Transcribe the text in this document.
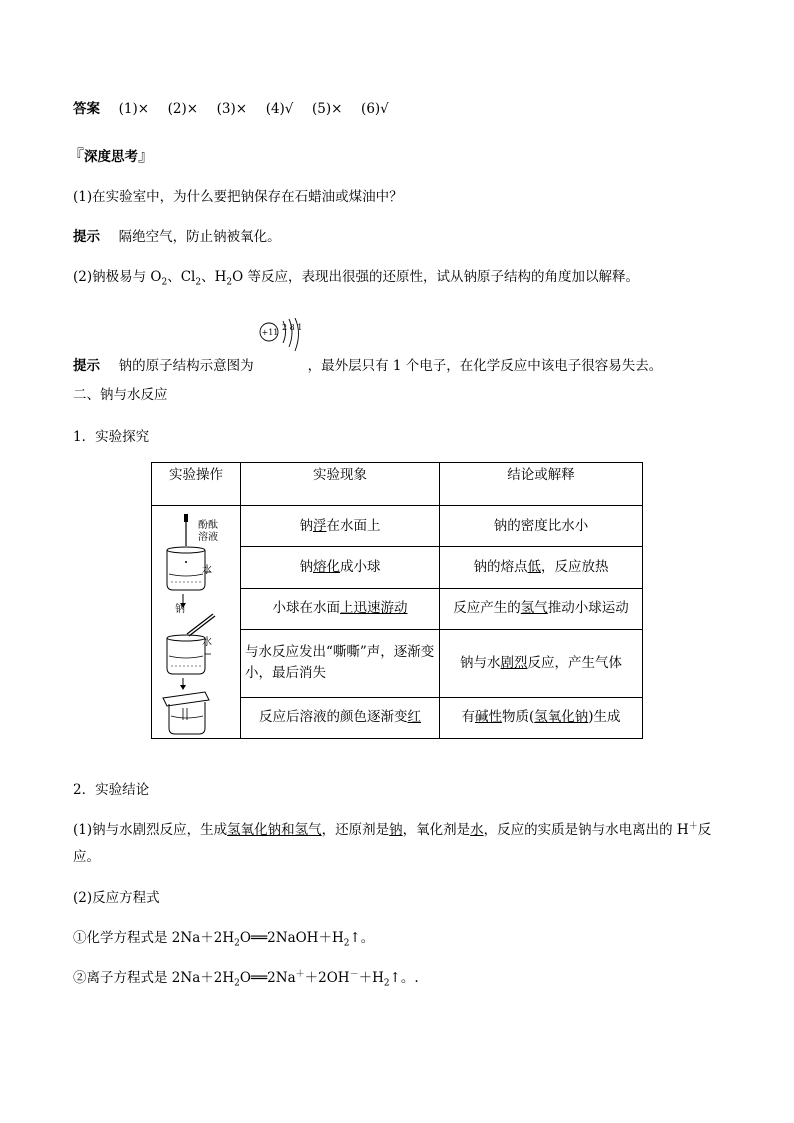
答案 (1)× (2)× (3)× (4)√ (5)× (6)√
『深度思考』
(1)在实验室中，为什么要把钠保存在石蜡油或煤油中？
提示 隔绝空气，防止钠被氧化。
(2)钠极易与 $O_2$、$Cl_2$、$H_2O$ 等反应，表现出很强的还原性，试从钠原子结构的角度加以解释。
提示 钠的原子结构示意图为
+11
2 8 1
，最外层只有 1 个电子，在化学反应中该电子很容易失去。
二、钠与水反应
1．实验探究
实验操作	实验现象	结论或解释

	钠浮在水面上	钠的密度比水小
	钠熔化成小球	钠的熔点低，反应放热
	小球在水面上迅速游动	反应产生的氢气推动小球运动
	与水反应发出“嘶嘶”声，逐渐变小，最后消失	钠与水剧烈反应，产生气体
	反应后溶液的颜色逐渐变红	有碱性物质(氢氧化钠)生成
酚酞溶液
水
钠
水
2．实验结论
(1)钠与水剧烈反应，生成氢氧化钠和氢气，还原剂是钠，氧化剂是水，反应的实质是钠与水电离出的 H＋反
应。
(2)反应方程式
①化学方程式是 $2Na+2H_2O══2NaOH+H_2↑$。
②离子方程式是 $2Na+2H_2O══2Na^++2OH^-+H_2↑$。.
